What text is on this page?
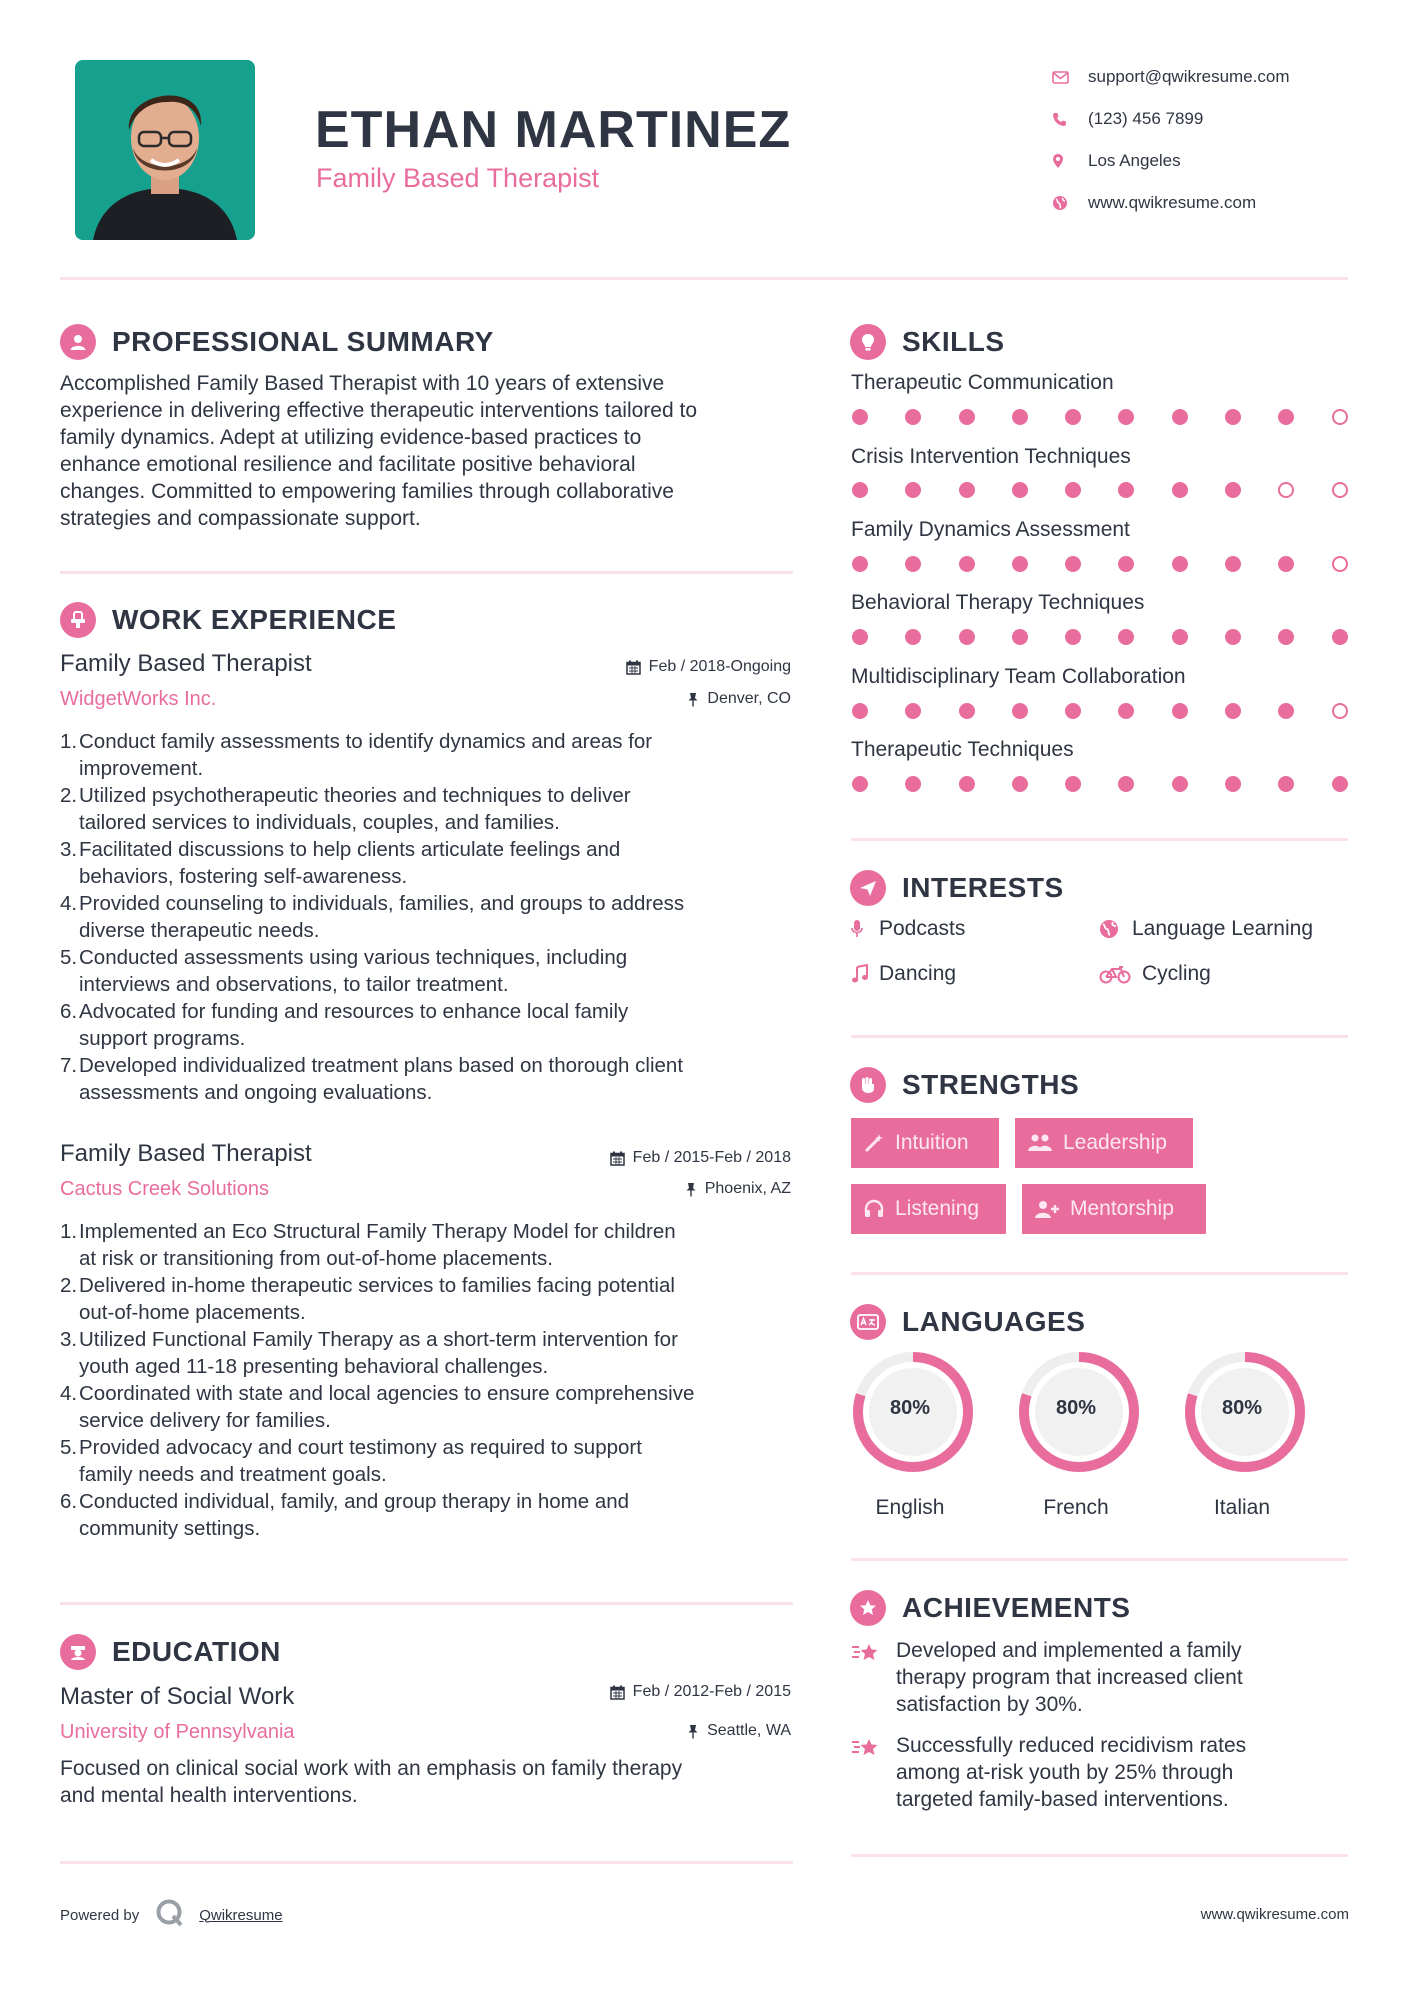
ETHAN MARTINEZ
Family Based Therapist
support@qwikresume.com
(123) 456 7899
Los Angeles
www.qwikresume.com
PROFESSIONAL SUMMARY
Accomplished Family Based Therapist with 10 years of extensive
experience in delivering effective therapeutic interventions tailored to
family dynamics. Adept at utilizing evidence-based practices to
enhance emotional resilience and facilitate positive behavioral
changes. Committed to empowering families through collaborative
strategies and compassionate support.
WORK EXPERIENCE
Family Based Therapist
WidgetWorks Inc.
Feb / 2018-Ongoing
Denver, CO
1. Conduct family assessments to identify dynamics and areas for
improvement.
2. Utilized psychotherapeutic theories and techniques to deliver
tailored services to individuals, couples, and families.
3. Facilitated discussions to help clients articulate feelings and
behaviors, fostering self-awareness.
4. Provided counseling to individuals, families, and groups to address
diverse therapeutic needs.
5. Conducted assessments using various techniques, including
interviews and observations, to tailor treatment.
6. Advocated for funding and resources to enhance local family
support programs.
7. Developed individualized treatment plans based on thorough client
assessments and ongoing evaluations.
Family Based Therapist
Cactus Creek Solutions
Feb / 2015-Feb / 2018
Phoenix, AZ
1. Implemented an Eco Structural Family Therapy Model for children
at risk or transitioning from out-of-home placements.
2. Delivered in-home therapeutic services to families facing potential
out-of-home placements.
3. Utilized Functional Family Therapy as a short-term intervention for
youth aged 11-18 presenting behavioral challenges.
4. Coordinated with state and local agencies to ensure comprehensive
service delivery for families.
5. Provided advocacy and court testimony as required to support
family needs and treatment goals.
6. Conducted individual, family, and group therapy in home and
community settings.
EDUCATION
Master of Social Work
University of Pennsylvania
Feb / 2012-Feb / 2015
Seattle, WA
Focused on clinical social work with an emphasis on family therapy
and mental health interventions.
SKILLS
Therapeutic Communication
Crisis Intervention Techniques
Family Dynamics Assessment
Behavioral Therapy Techniques
Multidisciplinary Team Collaboration
Therapeutic Techniques
INTERESTS
Podcasts	Language Learning
Dancing	Cycling
STRENGTHS
Intuition	Leadership
Listening	Mentorship
LANGUAGES
80%
English
80%
French
80%
Italian
ACHIEVEMENTS
Developed and implemented a family
therapy program that increased client
satisfaction by 30%.
Successfully reduced recidivism rates
among at-risk youth by 25% through
targeted family-based interventions.
Powered by	Qwikresume	www.qwikresume.com
